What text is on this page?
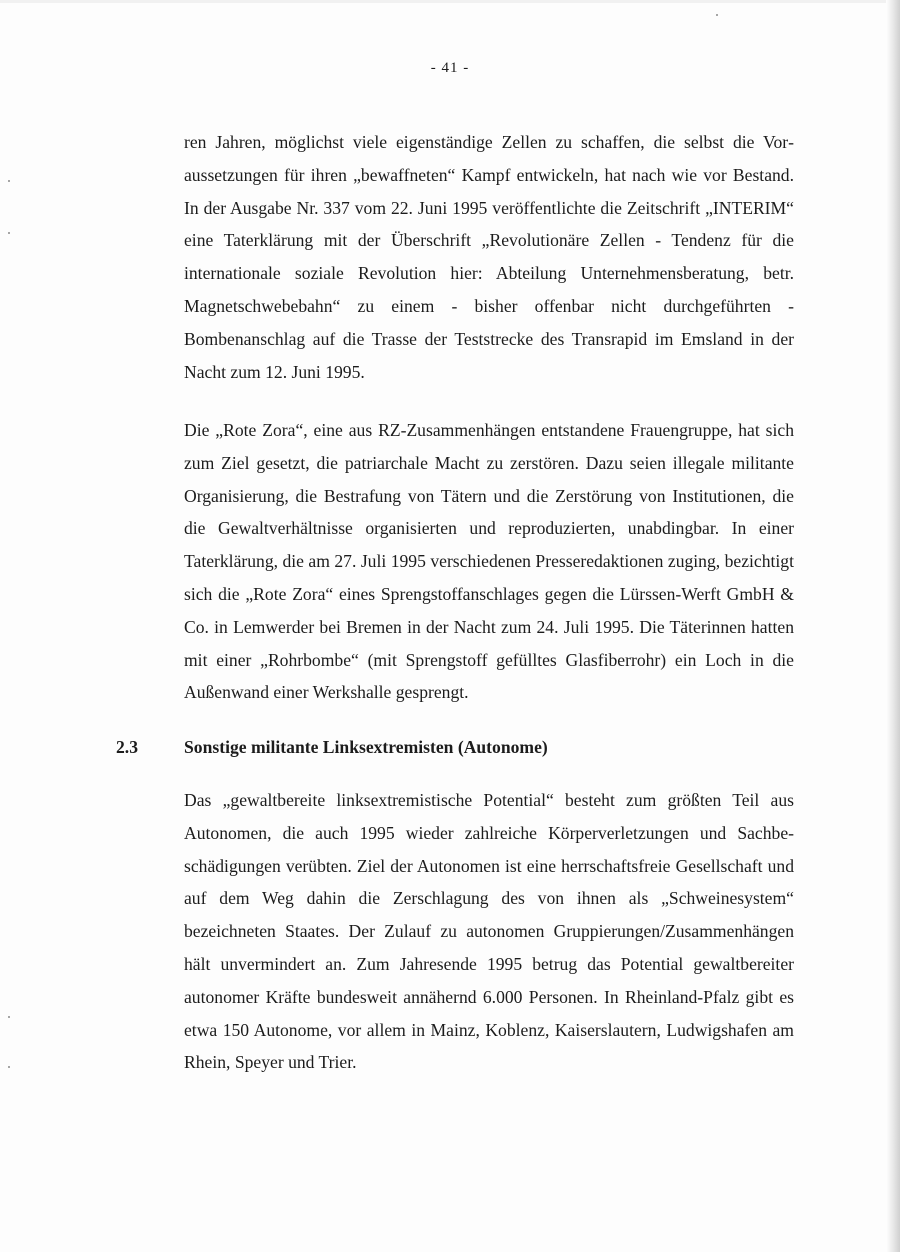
- 41 -

ren Jahren, möglichst viele eigenständige Zellen zu schaffen, die selbst die Voraussetzungen für ihren „bewaffneten“ Kampf entwickeln, hat nach wie vor Bestand. In der Ausgabe Nr. 337 vom 22. Juni 1995 veröffentlichte die Zeitschrift „INTERIM“ eine Taterklärung mit der Überschrift „Revolutionäre Zellen - Tendenz für die internationale soziale Revolution hier: Abteilung Unternehmensberatung, betr. Magnetschwebebahn“ zu einem - bisher offenbar nicht durchgeführten - Bombenanschlag auf die Trasse der Teststrecke des Transrapid im Emsland in der Nacht zum 12. Juni 1995.

Die „Rote Zora“, eine aus RZ-Zusammenhängen entstandene Frauengruppe, hat sich zum Ziel gesetzt, die patriarchale Macht zu zerstören. Dazu seien illegale militante Organisierung, die Bestrafung von Tätern und die Zerstörung von Institutionen, die die Gewaltverhältnisse organisierten und reproduzierten, unabdingbar. In einer Taterklärung, die am 27. Juli 1995 verschiedenen Presseredaktionen zuging, bezichtigt sich die „Rote Zora“ eines Sprengstoffanschlages gegen die Lürssen-Werft GmbH & Co. in Lemwerder bei Bremen in der Nacht zum 24. Juli 1995. Die Täterinnen hatten mit einer „Rohrbombe“ (mit Sprengstoff gefülltes Glasfiberrohr) ein Loch in die Außenwand einer Werkshalle gesprengt.

2.3	Sonstige militante Linksextremisten (Autonome)

Das „gewaltbereite linksextremistische Potential“ besteht zum größten Teil aus Autonomen, die auch 1995 wieder zahlreiche Körperverletzungen und Sachbeschädigungen verübten. Ziel der Autonomen ist eine herrschaftsfreie Gesellschaft und auf dem Weg dahin die Zerschlagung des von ihnen als „Schweinesystem“ bezeichneten Staates. Der Zulauf zu autonomen Gruppierungen/Zusammenhängen hält unvermindert an. Zum Jahresende 1995 betrug das Potential gewaltbereiter autonomer Kräfte bundesweit annähernd 6.000 Personen. In Rheinland-Pfalz gibt es etwa 150 Autonome, vor allem in Mainz, Koblenz, Kaiserslautern, Ludwigshafen am Rhein, Speyer und Trier.
